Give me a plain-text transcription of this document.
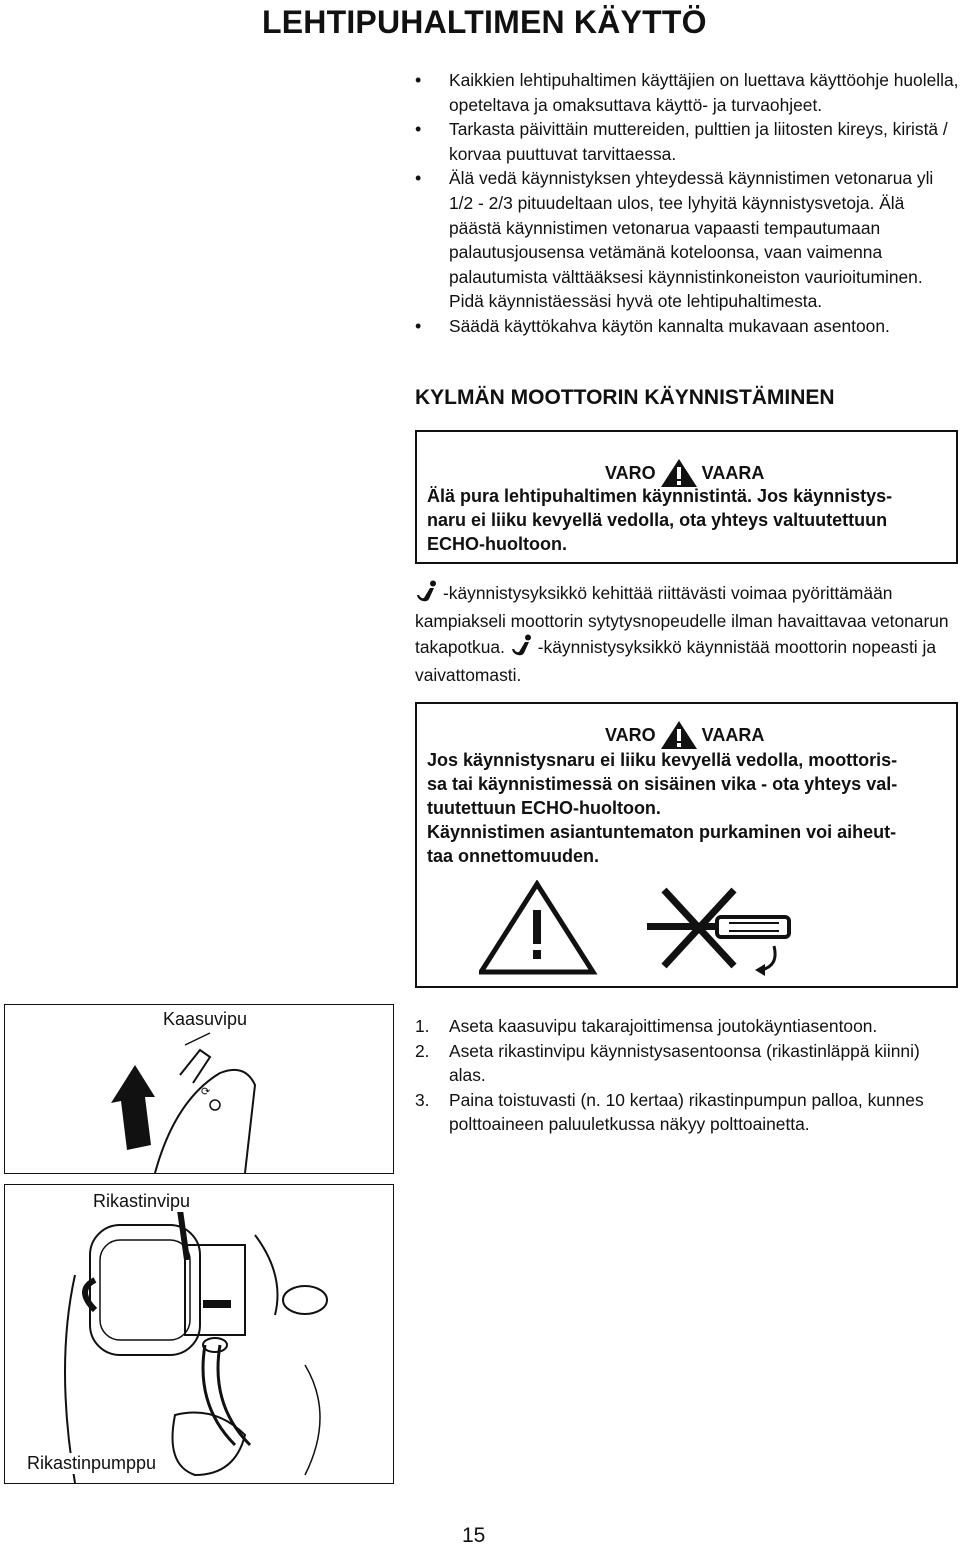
LEHTIPUHALTIMEN KÄYTTÖ
• Kaikkien lehtipuhaltimen käyttäjien on luettava käyttöohje huolella, opeteltava ja omaksuttava käyttö- ja turvaohjeet.
• Tarkasta päivittäin muttereiden, pulttien ja liitosten kireys, kiristä / korvaa puuttuvat tarvittaessa.
• Älä vedä käynnistyksen yhteydessä käynnistimen vetonarua yli 1/2 - 2/3 pituudeltaan ulos, tee lyhyitä käynnistysvetoja. Älä päästä käynnistimen vetonarua vapaasti tempautumaan palautusjousensa vetämänä koteloonsa, vaan vaimenna palautumista välttääksesi käynnistinkoneiston vaurioituminen. Pidä käynnistäessäsi hyvä ote lehtipuhaltimesta.
• Säädä käyttökahva käytön kannalta mukavaan asentoon.
KYLMÄN MOOTTORIN KÄYNNISTÄMINEN
VARO	VAARA
Älä pura lehtipuhaltimen käynnistintä. Jos käynnistys-
naru ei liiku kevyellä vedolla, ota yhteys valtuutettuun
ECHO-huoltoon.
-käynnistysyksikkö kehittää riittävästi voimaa pyörittämään kampiakseli moottorin sytytysnopeudelle ilman havaittavaa vetonarun takapotkua. -käynnistysyksikkö käynnistää moottorin nopeasti ja vaivattomasti.
VARO	VAARA
Jos käynnistysnaru ei liiku kevyellä vedolla, moottoris-
sa tai käynnistimessä on sisäinen vika - ota yhteys val-
tuutettuun ECHO-huoltoon.
Käynnistimen asiantuntematon purkaminen voi aiheut-
taa onnettomuuden.
Kaasuvipu
⟳
Rikastinvipu
Rikastinpumppu
1. Aseta kaasuvipu takarajoittimensa joutokäyntiasentoon.
2. Aseta rikastinvipu käynnistysasentoonsa (rikastinläppä kiinni) alas.
3. Paina toistuvasti (n. 10 kertaa) rikastinpumpun palloa, kunnes polttoaineen paluuletkussa näkyy polttoainetta.
15
